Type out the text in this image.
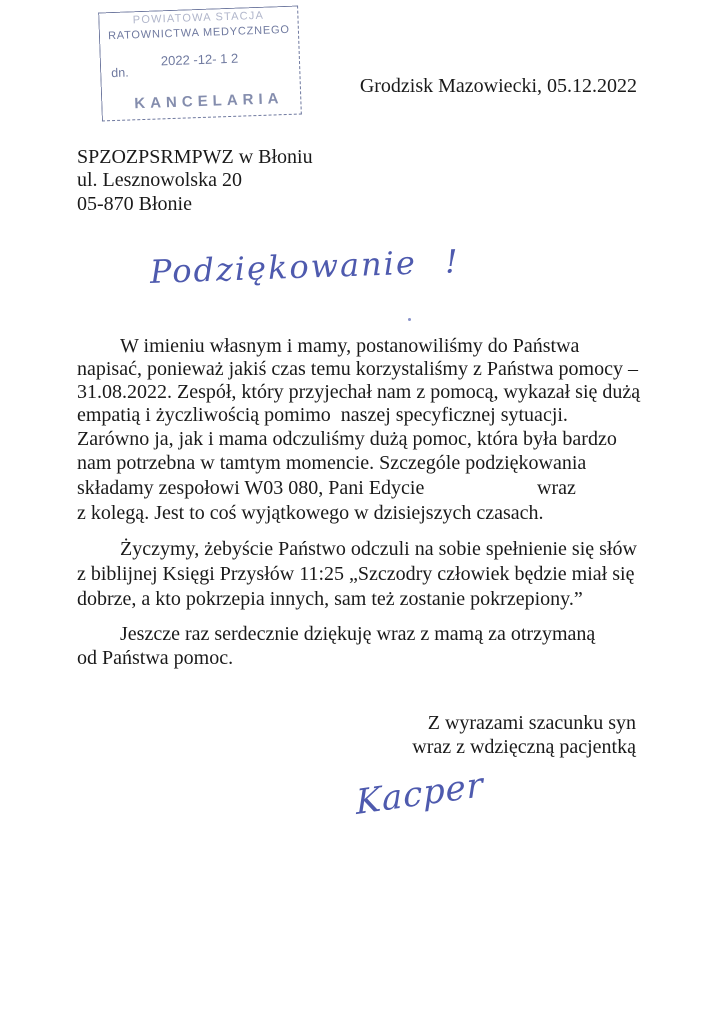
POWIATOWA STACJA
RATOWNICTWA MEDYCZNEGO
dn.
2022 -12- 1 2
KANCELARIA
Grodzisk Mazowiecki, 05.12.2022
SPZOZPSRMPWZ w Błoniu
ul. Lesznowolska 20
05-870 Błonie
Podziękowanie !
W imieniu własnym i mamy, postanowiliśmy do Państwa
napisać, ponieważ jakiś czas temu korzystaliśmy z Państwa pomocy –
31.08.2022. Zespół, który przyjechał nam z pomocą, wykazał się dużą
empatią i życzliwością pomimo  naszej specyficznej sytuacji.
Zarówno ja, jak i mama odczuliśmy dużą pomoc, która była bardzo
nam potrzebna w tamtym momencie. Szczególe podziękowania
składamy zespołowi W03 080, Pani Edycie	wraz
z kolegą. Jest to coś wyjątkowego w dzisiejszych czasach.
Życzymy, żebyście Państwo odczuli na sobie spełnienie się słów
z biblijnej Księgi Przysłów 11:25 „Szczodry człowiek będzie miał się
dobrze, a kto pokrzepia innych, sam też zostanie pokrzepiony.”
Jeszcze raz serdecznie dziękuję wraz z mamą za otrzymaną
od Państwa pomoc.
Z wyrazami szacunku syn
wraz z wdzięczną pacjentką
Kacper
